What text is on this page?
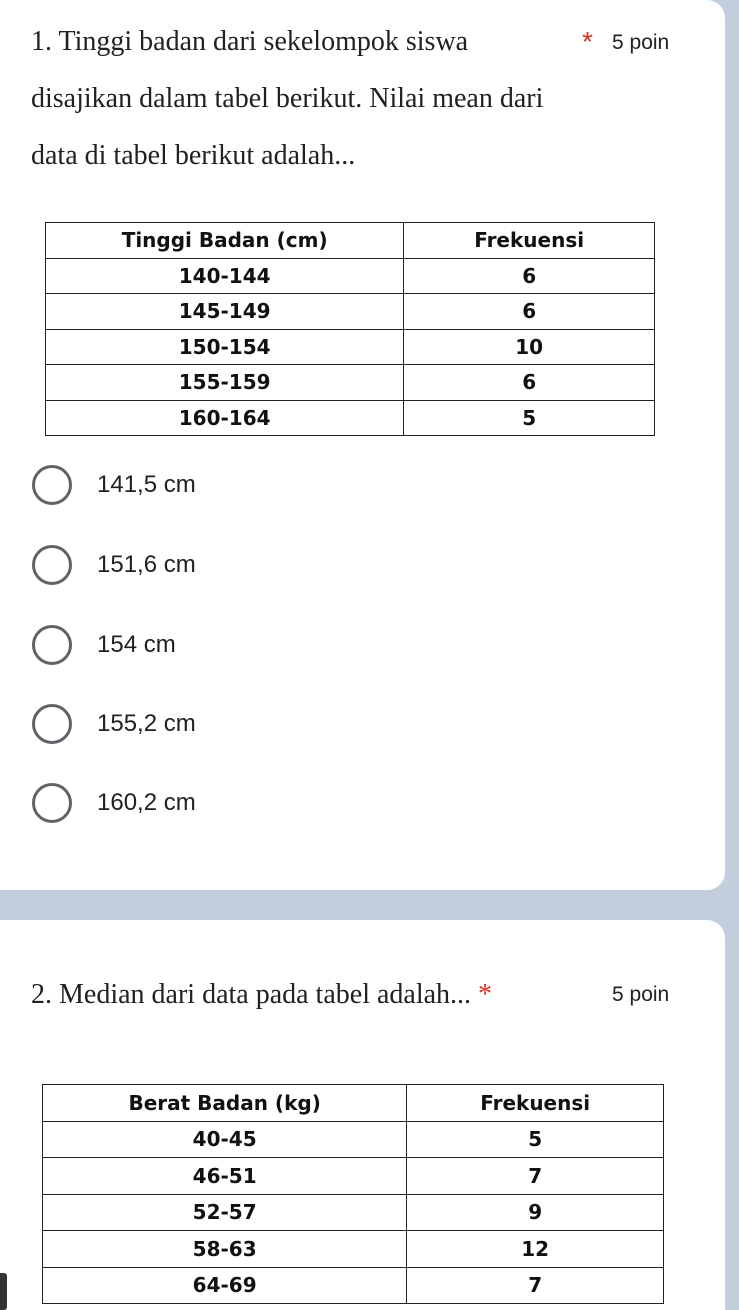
1. Tinggi badan dari sekelompok siswa disajikan dalam tabel berikut. Nilai mean dari data di tabel berikut adalah...
* 5 poin
Tinggi Badan (cm)	Frekuensi
140-144	6
145-149	6
150-154	10
155-159	6
160-164	5
141,5 cm
151,6 cm
154 cm
155,2 cm
160,2 cm
2. Median dari data pada tabel adalah... *	5 poin
Berat Badan (kg)	Frekuensi
40-45	5
46-51	7
52-57	9
58-63	12
64-69	7
